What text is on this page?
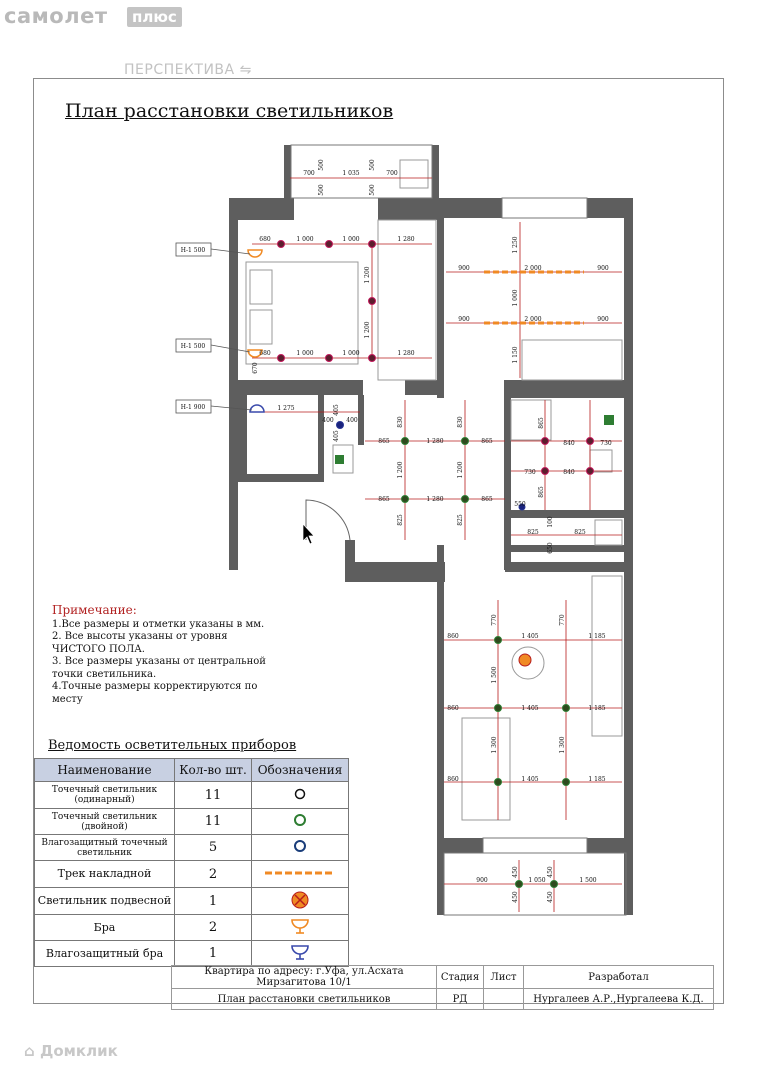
самолет	плюс
ПЕРСПЕКТИВА ⇋
План расстановки светильников
700	1 035	700
500	500
500	500
680	1 000	1 000	1 280
680	1 000	1 000	1 280
1 200
1 200
670
900	2 000	900
900	2 000	900
1 250
1 000
1 150
1 275
400 400
405
405
830	830
865	1 280	865
1 200	1 200
865	1 280	865
825	825
865
840	730
840
730
865
550
825	825
650
100
860	1 405	1 185
770	770
860	1 405	1 185
1 500
860	1 405	1 185
1 300	1 300
900	1 050	1 500
450	450
450	450
Н-1 500
Н-1 500
Н-1 900
Примечание:
1.Все размеры и отметки указаны в мм.
2. Все высоты указаны от уровня
ЧИСТОГО ПОЛА.
3. Все размеры указаны от центральной
точки светильника.
4.Точные размеры корректируются по
месту
Ведомость осветительных приборов
Наименование	Кол-во шт.	Обозначения
Точечный светильник (одинарный)	11	
Точечный светильник (двойной)	11	
Влагозащитный точечный светильник	5	
Трек накладной	2	
Светильник подвесной	1	
Бра	2	
Влагозащитный бра	1	
Квартира по адресу: г.Уфа, ул.Асхата Мирзагитова 10/1	Стадия	Лист	Разработал
План расстановки светильников	РД		Нургалеев А.Р.,Нургалеева К.Д.
⌂ Домклик
